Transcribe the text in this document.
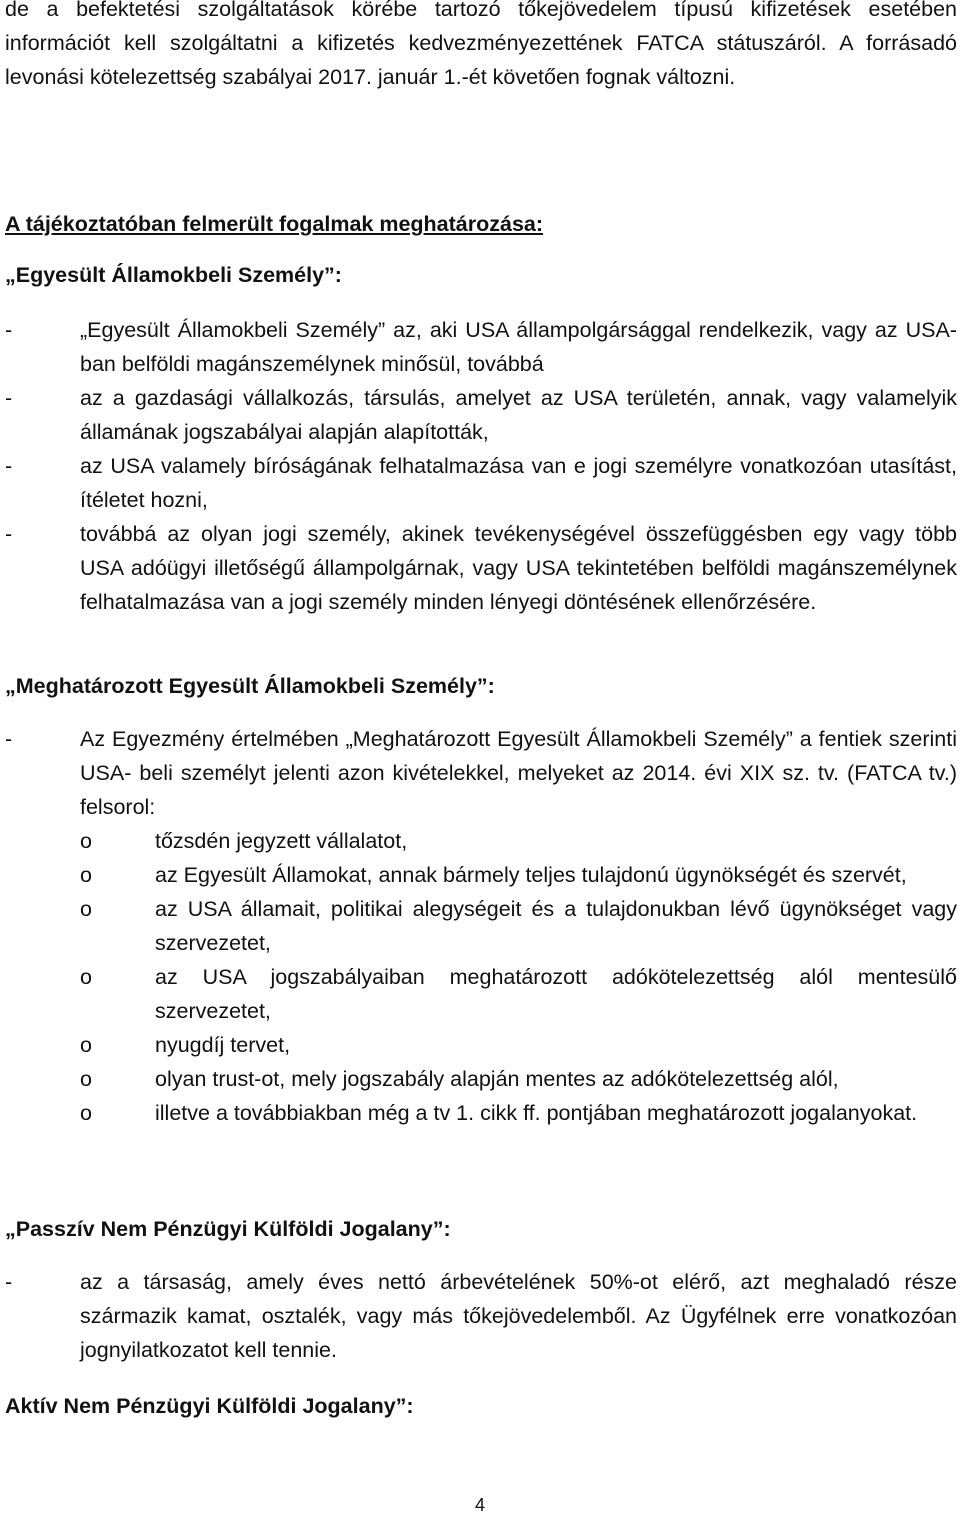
de a befektetési szolgáltatások körébe tartozó tőkejövedelem típusú kifizetések esetében információt kell szolgáltatni a kifizetés kedvezményezettének FATCA státuszáról. A forrásadó levonási kötelezettség szabályai 2017. január 1.-ét követően fognak változni.
A tájékoztatóban felmerült fogalmak meghatározása:
„Egyesült Államokbeli Személy”:
-	„Egyesült Államokbeli Személy” az, aki USA állampolgársággal rendelkezik, vagy az USA-ban belföldi magánszemélynek minősül, továbbá
-	az a gazdasági vállalkozás, társulás, amelyet az USA területén, annak, vagy valamelyik államának jogszabályai alapján alapították,
-	az USA valamely bíróságának felhatalmazása van e jogi személyre vonatkozóan utasítást, ítéletet hozni,
-	továbbá az olyan jogi személy, akinek tevékenységével összefüggésben egy vagy több USA adóügyi illetőségű állampolgárnak, vagy USA tekintetében belföldi magánszemélynek felhatalmazása van a jogi személy minden lényegi döntésének ellenőrzésére.
„Meghatározott Egyesült Államokbeli Személy”:
-	Az Egyezmény értelmében „Meghatározott Egyesült Államokbeli Személy” a fentiek szerinti USA- beli személyt jelenti azon kivételekkel, melyeket az 2014. évi XIX sz. tv. (FATCA tv.) felsorol:
o	tőzsdén jegyzett vállalatot,
o	az Egyesült Államokat, annak bármely teljes tulajdonú ügynökségét és szervét,
o	az USA államait, politikai alegységeit és a tulajdonukban lévő ügynökséget vagy szervezetet,
o	az USA jogszabályaiban meghatározott adókötelezettség alól mentesülő szervezetet,
o	nyugdíj tervet,
o	olyan trust-ot, mely jogszabály alapján mentes az adókötelezettség alól,
o	illetve a továbbiakban még a tv 1. cikk ff. pontjában meghatározott jogalanyokat.
„Passzív Nem Pénzügyi Külföldi Jogalany”:
-	az a társaság, amely éves nettó árbevételének 50%-ot elérő, azt meghaladó része származik kamat, osztalék, vagy más tőkejövedelemből. Az Ügyfélnek erre vonatkozóan jognyilatkozatot kell tennie.
Aktív Nem Pénzügyi Külföldi Jogalany”:
4
